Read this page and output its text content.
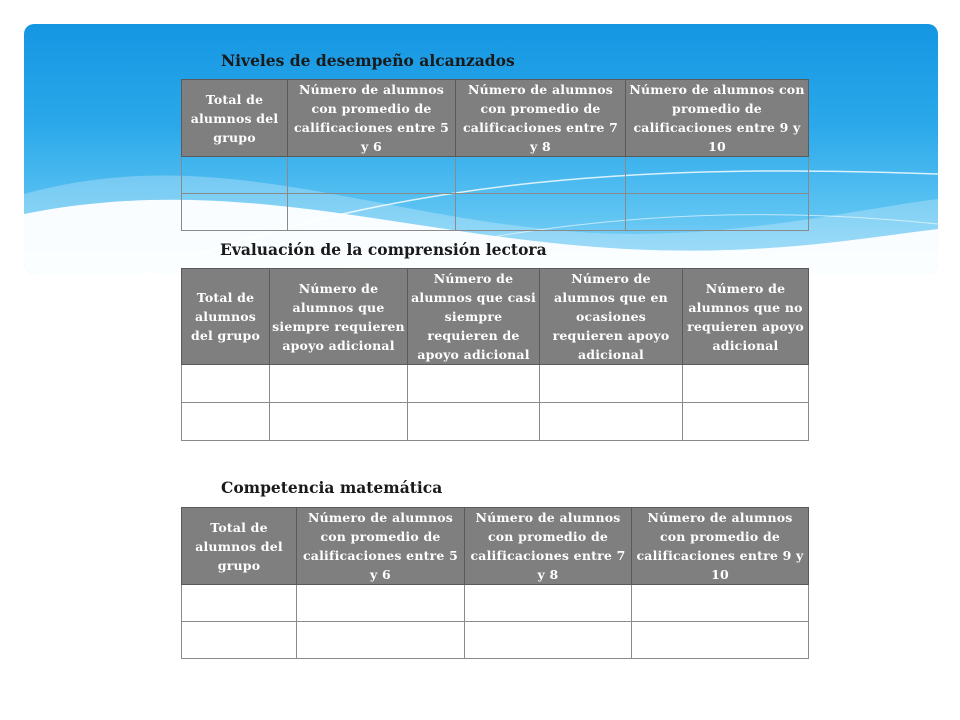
Niveles de desempeño alcanzados
Total de alumnos del grupo	Número de alumnos con promedio de calificaciones entre 5 y 6	Número de alumnos con promedio de calificaciones entre 7 y 8	Número de alumnos con promedio de calificaciones entre 9 y 10

Evaluación de la comprensión lectora
Total de alumnos del grupo	Número de alumnos que siempre requieren apoyo adicional	Número de alumnos que casi siempre requieren de apoyo adicional	Número de alumnos que en ocasiones requieren apoyo adicional	Número de alumnos que no requieren apoyo adicional

Competencia matemática
Total de alumnos del grupo	Número de alumnos con promedio de calificaciones entre 5 y 6	Número de alumnos con promedio de calificaciones entre 7 y 8	Número de alumnos con promedio de calificaciones entre 9 y 10
